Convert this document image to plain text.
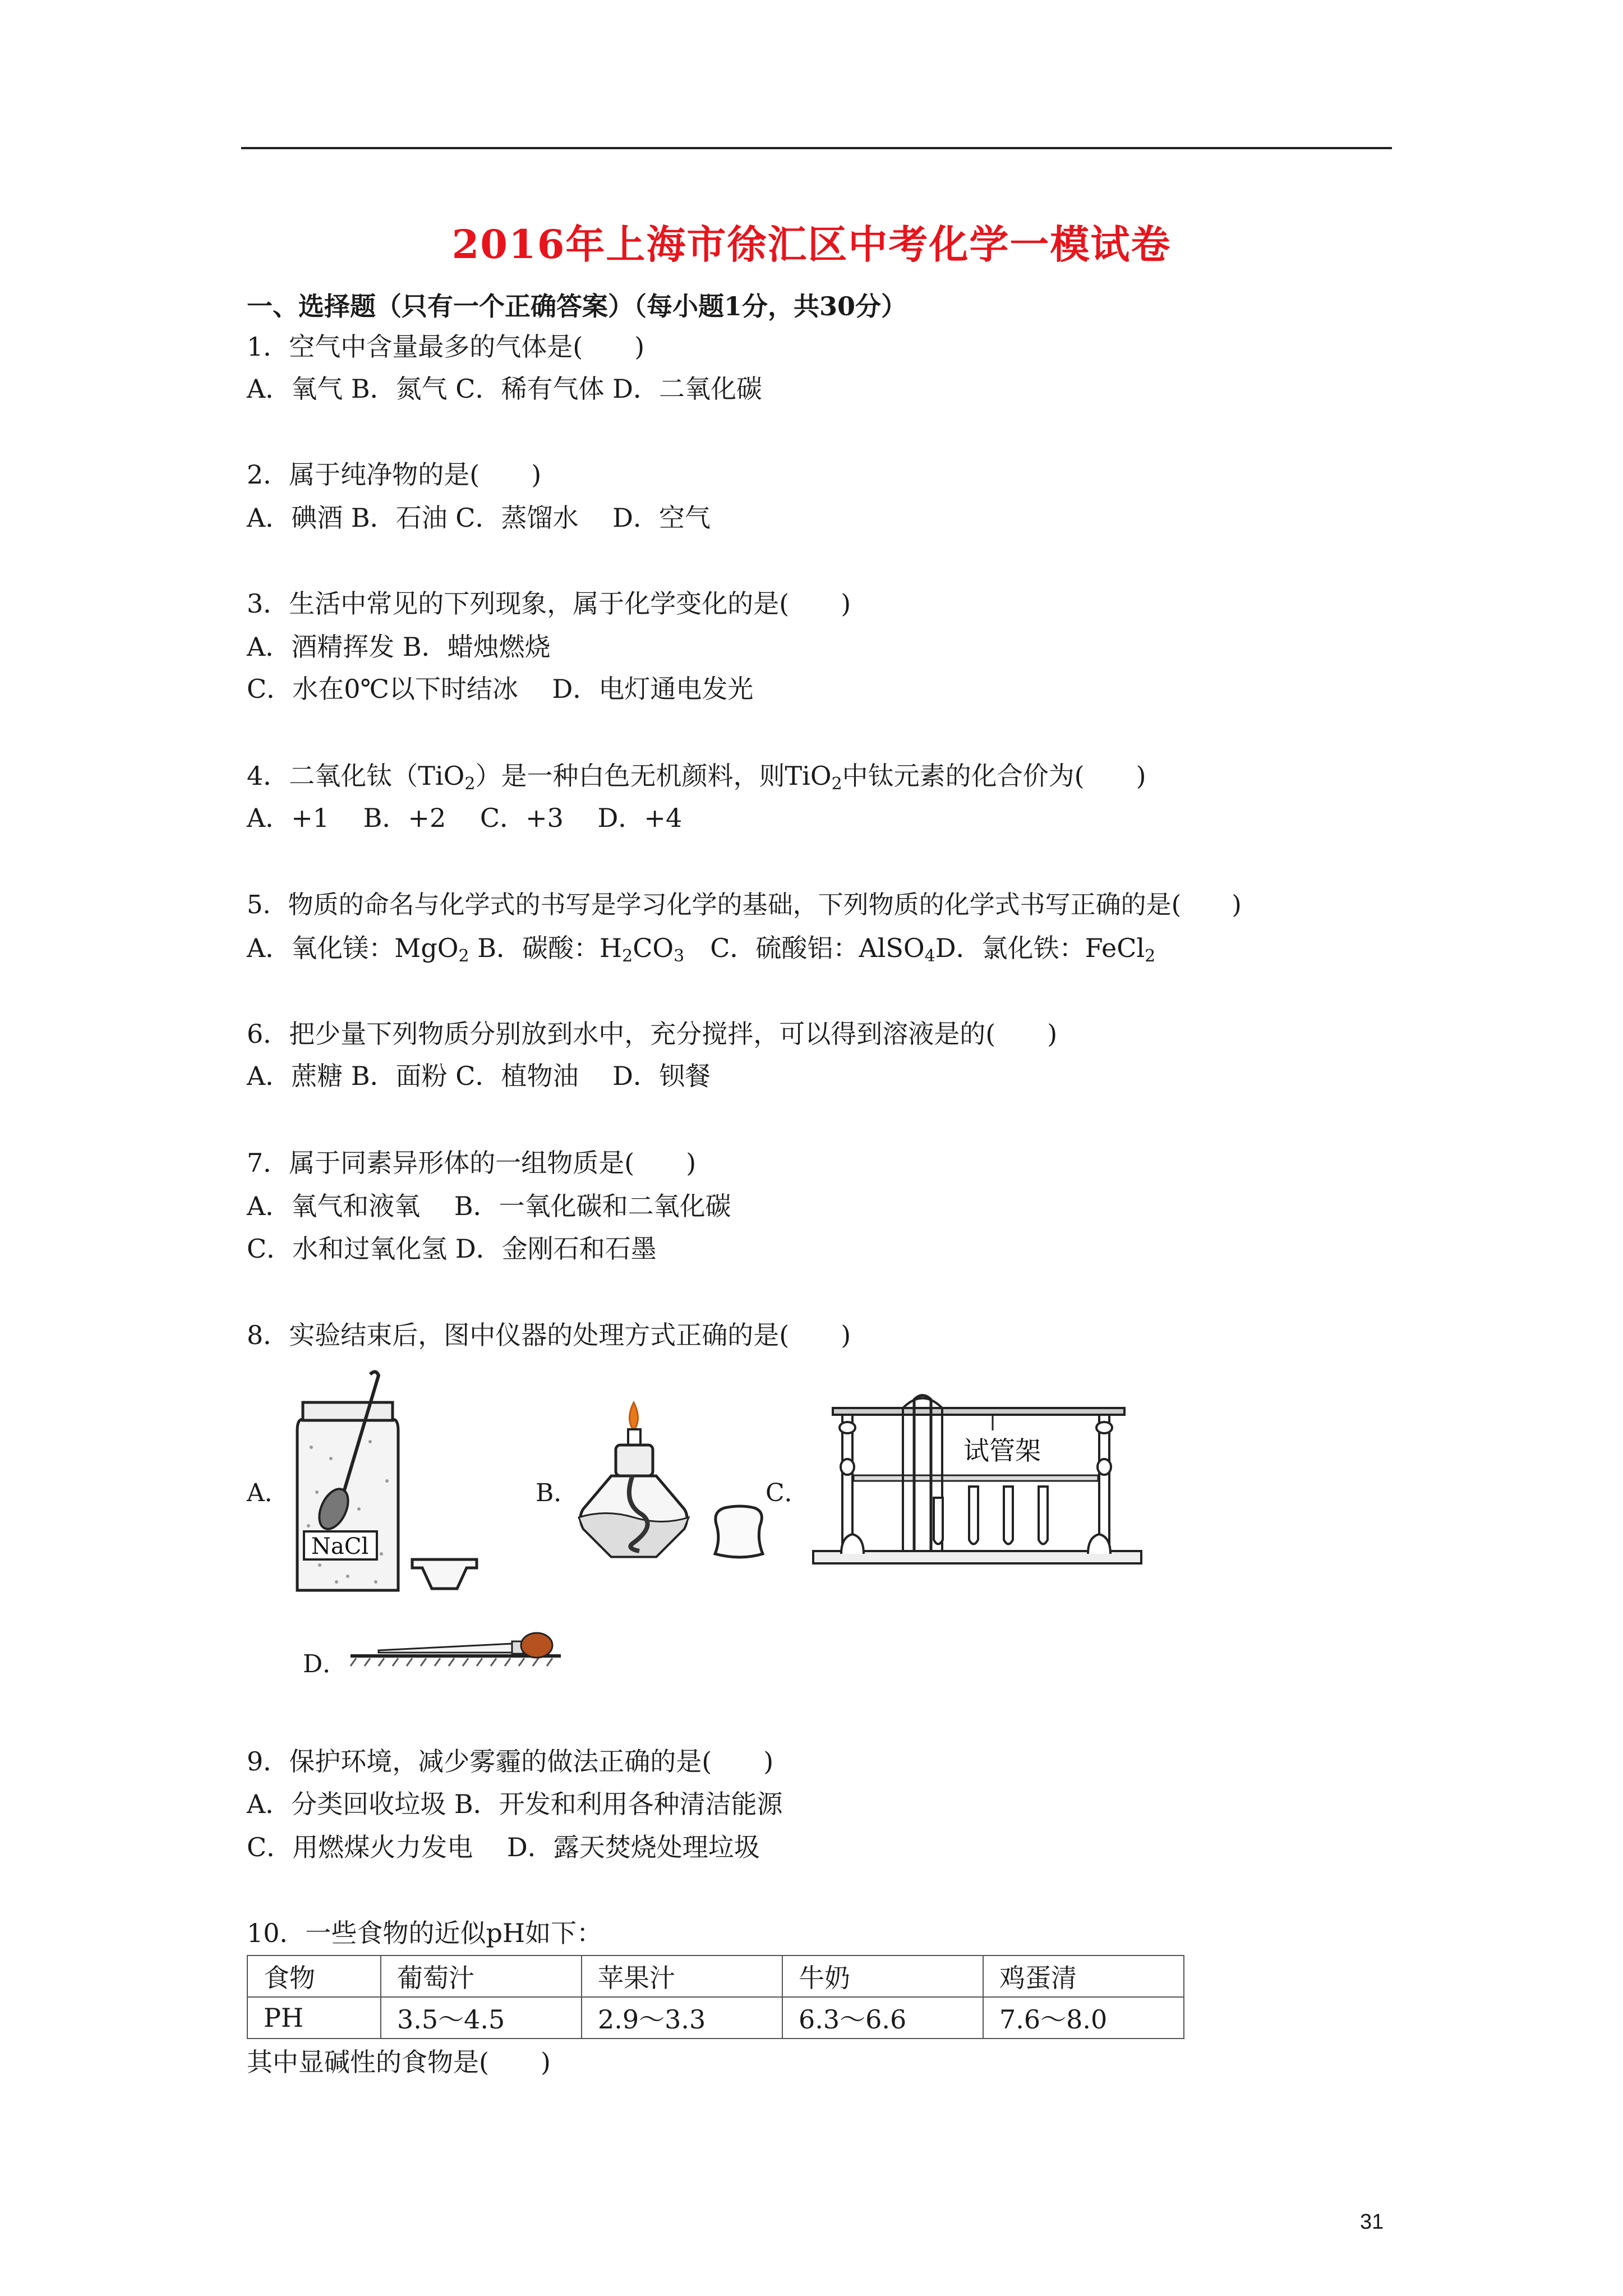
2016年上海市徐汇区中考化学一模试卷
一、选择题（只有一个正确答案）（每小题1分，共30分）
1．空气中含量最多的气体是(　　)
A．氧气 B．氮气 C．稀有气体 D．二氧化碳
2．属于纯净物的是(　　)
A．碘酒 B．石油 C．蒸馏水　 D．空气
3．生活中常见的下列现象，属于化学变化的是(　　)
A．酒精挥发 B．蜡烛燃烧
C．水在0℃以下时结冰　 D．电灯通电发光
4．二氧化钛（TiO$_2$）是一种白色无机颜料，则TiO$_2$中钛元素的化合价为(　　)
A．+1　 B．+2　 C．+3　 D．+4
5．物质的命名与化学式的书写是学习化学的基础，下列物质的化学式书写正确的是(　　)
A．氧化镁：MgO$_2$ B．碳酸：$H_2CO_3$　C．硫酸铝：AlSO$_4$D．氯化铁：FeCl$_2$
6．把少量下列物质分别放到水中，充分搅拌，可以得到溶液是的(　　)
A．蔗糖 B．面粉 C．植物油　 D．钡餐
7．属于同素异形体的一组物质是(　　)
A．氧气和液氧　 B．一氧化碳和二氧化碳
C．水和过氧化氢 D．金刚石和石墨
8．实验结束后，图中仪器的处理方式正确的是(　　)
A．	B．	C．
D．
NaCl
试管架
9．保护环境，减少雾霾的做法正确的是(　　)
A．分类回收垃圾 B．开发和利用各种清洁能源
C．用燃煤火力发电　 D．露天焚烧处理垃圾
10．一些食物的近似pH如下：
食物	葡萄汁	苹果汁	牛奶	鸡蛋清
PH	3.5～4.5	2.9～3.3	6.3～6.6	7.6～8.0
其中显碱性的食物是(　　)
31
